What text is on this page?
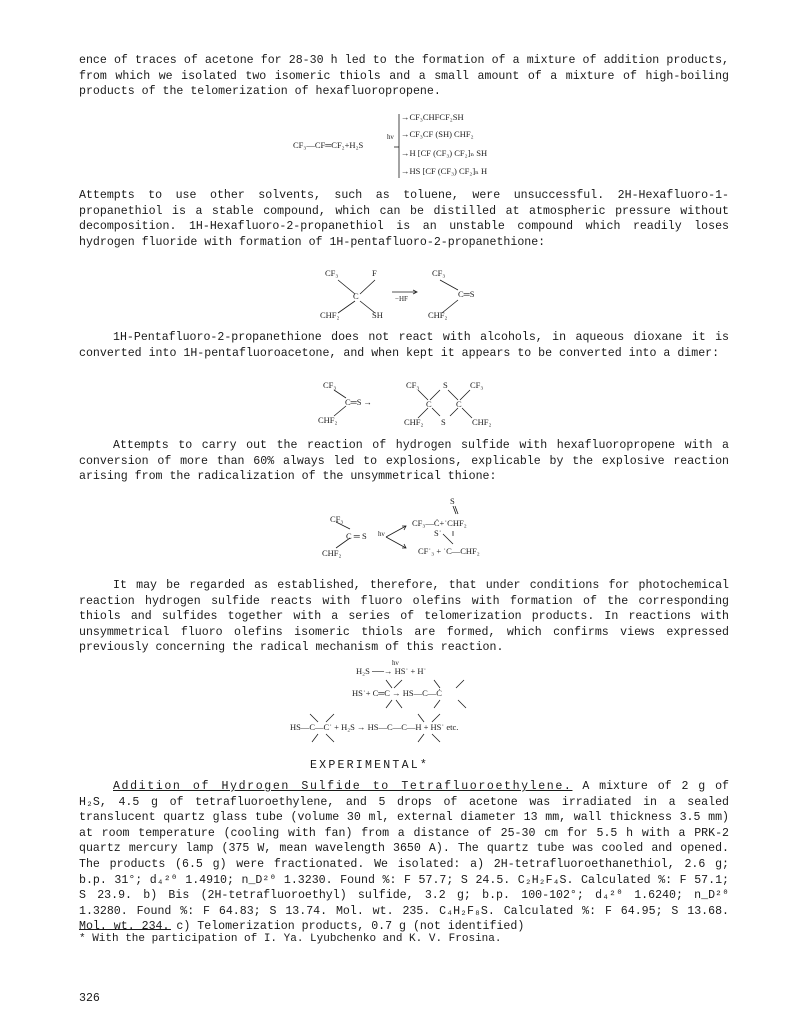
ence of traces of acetone for 28-30 h led to the formation of a mixture of addition products, from which we isolated two isomeric thiols and a small amount of a mixture of high-boiling products of the telomerization of hexafluoropropene.

CF₃—CF═CF₂+H₂S
hν
→CF₃CHFCF₂SH
→CF₃CF (SH) CHF₂
→H [CF (CF₃) CF₂]ₙ SH
→HS [CF (CF₃) CF₂]ₙ H

Attempts to use other solvents, such as toluene, were unsuccessful. 2H-Hexafluoro-1-propanethiol is a stable compound, which can be distilled at atmospheric pressure without decomposition. 1H-Hexafluoro-2-propanethiol is an unstable compound which readily loses hydrogen fluoride with formation of 1H-pentafluoro-2-propanethione:

CF₃	F
C
CHF₂	SH
−HF
CF₃
C═S
CHF₂

1H-Pentafluoro-2-propanethione does not react with alcohols, in aqueous dioxane it is converted into 1H-pentafluoroacetone, and when kept it appears to be converted into a dimer:

CF₃
C═S →
CHF₂
CF₃	S	CF₃
C	C
CHF₂ S	CHF₂

Attempts to carry out the reaction of hydrogen sulfide with hexafluoropropene with a conversion of more than 60% always led to explosions, explicable by the explosive reaction arising from the radicalization of the unsymmetrical thione:

S
CF₃
C ═ S hν
CHF₂
CF₃—Ċ+˙CHF₂
S˙
CF˙₃ + ˙C—CHF₂

It may be regarded as established, therefore, that under conditions for photochemical reaction hydrogen sulfide reacts with fluoro olefins with formation of the corresponding thiols and sulfides together with a series of telomerization products. In reactions with unsymmetrical fluoro olefins isomeric thiols are formed, which confirms views expressed previously concerning the radical mechanism of this reaction.

hν
H₂S ──→ HS˙ + H˙
HS˙+ C═C → HS—C—Ċ
HS—C—C˙ + H₂S → HS—C—C—H + HS˙ etc.
EXPERIMENTAL*

Addition of Hydrogen Sulfide to Tetrafluoroethylene. A mixture of 2 g of H₂S, 4.5 g of tetrafluoroethylene, and 5 drops of acetone was irradiated in a sealed translucent quartz glass tube (volume 30 ml, external diameter 13 mm, wall thickness 3.5 mm) at room temperature (cooling with fan) from a distance of 25-30 cm for 5.5 h with a PRK-2 quartz mercury lamp (375 W, mean wavelength 3650 A). The quartz tube was cooled and opened. The products (6.5 g) were fractionated. We isolated: a) 2H-tetrafluoroethanethiol, 2.6 g; b.p. 31°; d₄²⁰ 1.4910; n_D²⁰ 1.3230. Found %: F 57.7; S 24.5. C₂H₂F₄S. Calculated %: F 57.1; S 23.9. b) Bis (2H-tetrafluoroethyl) sulfide, 3.2 g; b.p. 100-102°; d₄²⁰ 1.6240; n_D²⁰ 1.3280. Found %: F 64.83; S 13.74. Mol. wt. 235. C₄H₂F₈S. Calculated %: F 64.95; S 13.68. Mol. wt. 234. c) Telomerization products, 0.7 g (not identified)

* With the participation of I. Ya. Lyubchenko and K. V. Frosina.
326
